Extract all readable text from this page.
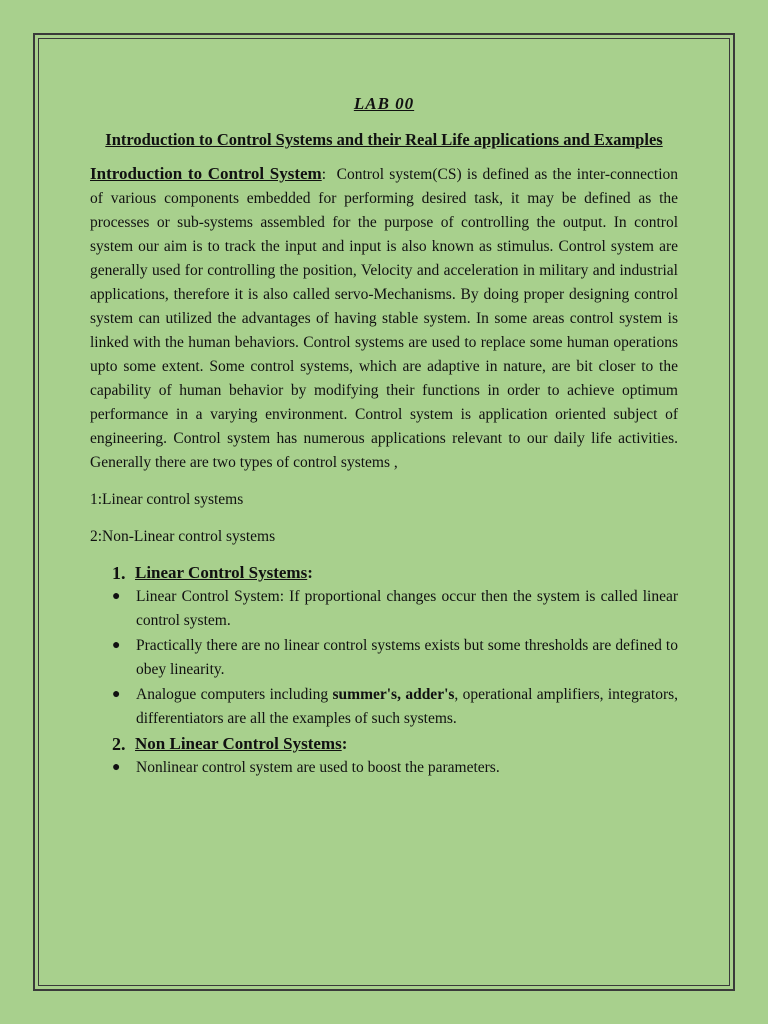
LAB 00

Introduction to Control Systems and their Real Life applications and Examples

Introduction to Control System: Control system(CS) is defined as the inter-connection of various components embedded for performing desired task, it may be defined as the processes or sub-systems assembled for the purpose of controlling the output. In control system our aim is to track the input and input is also known as stimulus. Control system are generally used for controlling the position, Velocity and acceleration in military and industrial applications, therefore it is also called servo-Mechanisms. By doing proper designing control system can utilized the advantages of having stable system. In some areas control system is linked with the human behaviors. Control systems are used to replace some human operations upto some extent. Some control systems, which are adaptive in nature, are bit closer to the capability of human behavior by modifying their functions in order to achieve optimum performance in a varying environment. Control system is application oriented subject of engineering. Control system has numerous applications relevant to our daily life activities. Generally there are two types of control systems ,

1:Linear control systems

2:Non-Linear control systems

1. Linear Control Systems:

● Linear Control System: If proportional changes occur then the system is called linear control system.
● Practically there are no linear control systems exists but some thresholds are defined to obey linearity.
● Analogue computers including summer's, adder's, operational amplifiers, integrators, differentiators are all the examples of such systems.

2. Non Linear Control Systems:

● Nonlinear control system are used to boost the parameters.
